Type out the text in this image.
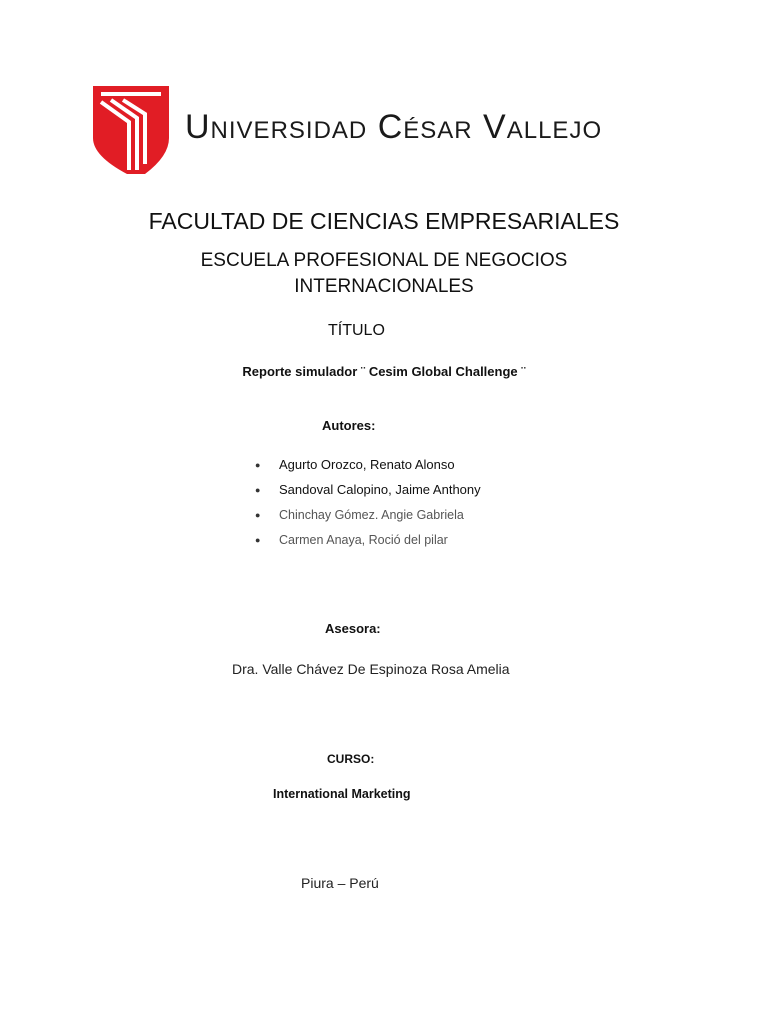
Universidad César Vallejo
FACULTAD DE CIENCIAS EMPRESARIALES
ESCUELA PROFESIONAL DE NEGOCIOS
INTERNACIONALES
TÍTULO
Reporte simulador ¨ Cesim Global Challenge ¨
Autores:
●	Agurto Orozco, Renato Alonso
●	Sandoval Calopino, Jaime Anthony
●	Chinchay Gómez. Angie Gabriela
●	Carmen Anaya, Roció del pilar
Asesora:
Dra. Valle Chávez De Espinoza Rosa Amelia
CURSO:
International Marketing
Piura – Perú
